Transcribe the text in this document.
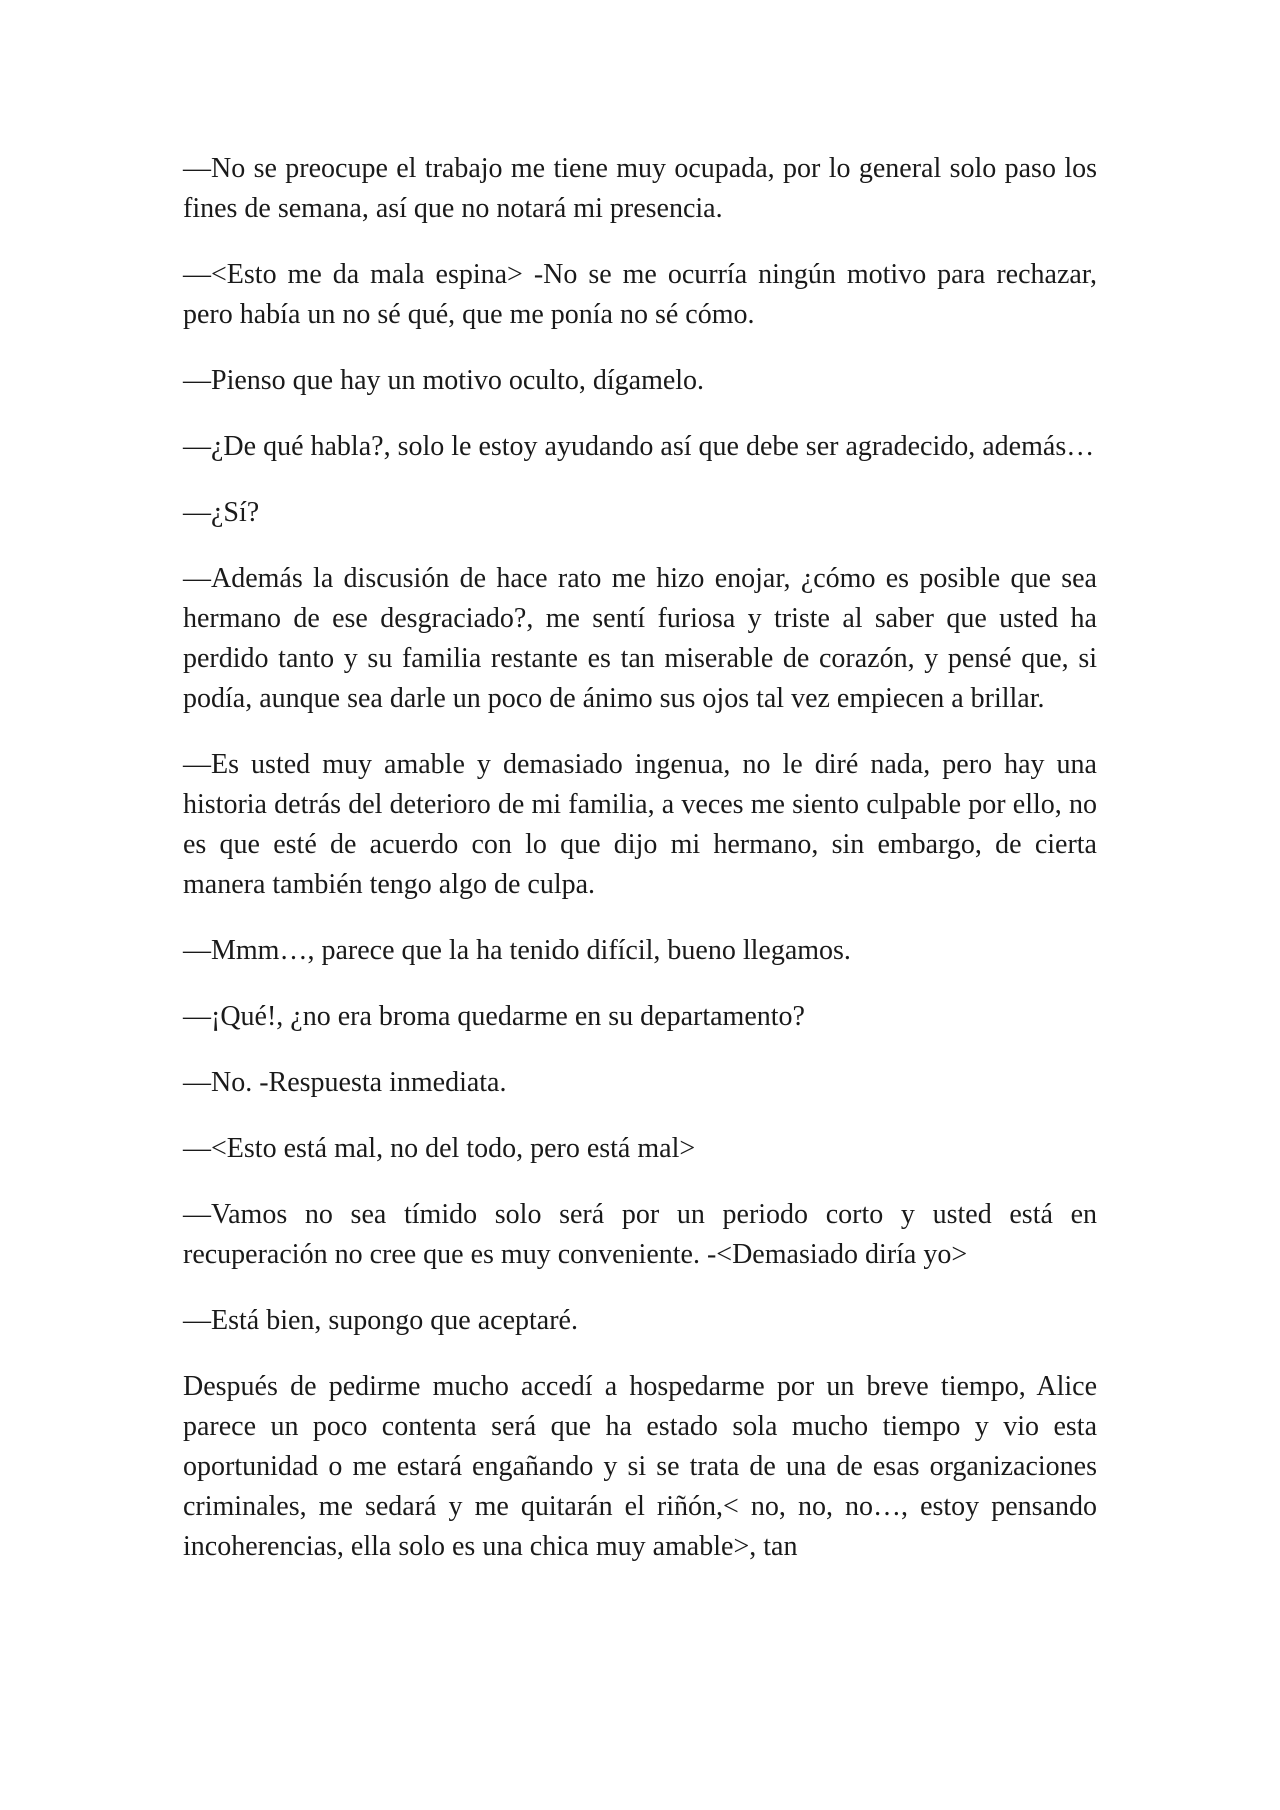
—No se preocupe el trabajo me tiene muy ocupada, por lo general solo paso los fines de semana, así que no notará mi presencia.

—<Esto me da mala espina> -No se me ocurría ningún motivo para rechazar, pero había un no sé qué, que me ponía no sé cómo.

—Pienso que hay un motivo oculto, dígamelo.

—¿De qué habla?, solo le estoy ayudando así que debe ser agradecido, además…

—¿Sí?

—Además la discusión de hace rato me hizo enojar, ¿cómo es posible que sea hermano de ese desgraciado?, me sentí furiosa y triste al saber que usted ha perdido tanto y su familia restante es tan miserable de corazón, y pensé que, si podía, aunque sea darle un poco de ánimo sus ojos tal vez empiecen a brillar.

—Es usted muy amable y demasiado ingenua, no le diré nada, pero hay una historia detrás del deterioro de mi familia, a veces me siento culpable por ello, no es que esté de acuerdo con lo que dijo mi hermano, sin embargo, de cierta manera también tengo algo de culpa.

—Mmm…, parece que la ha tenido difícil, bueno llegamos.

—¡Qué!, ¿no era broma quedarme en su departamento?

—No. -Respuesta inmediata.

—<Esto está mal, no del todo, pero está mal>

—Vamos no sea tímido solo será por un periodo corto y usted está en recuperación no cree que es muy conveniente. -<Demasiado diría yo>

—Está bien, supongo que aceptaré.

Después de pedirme mucho accedí a hospedarme por un breve tiempo, Alice parece un poco contenta será que ha estado sola mucho tiempo y vio esta oportunidad o me estará engañando y si se trata de una de esas organizaciones criminales, me sedará y me quitarán el riñón,< no, no, no…, estoy pensando incoherencias, ella solo es una chica muy amable>, tan
